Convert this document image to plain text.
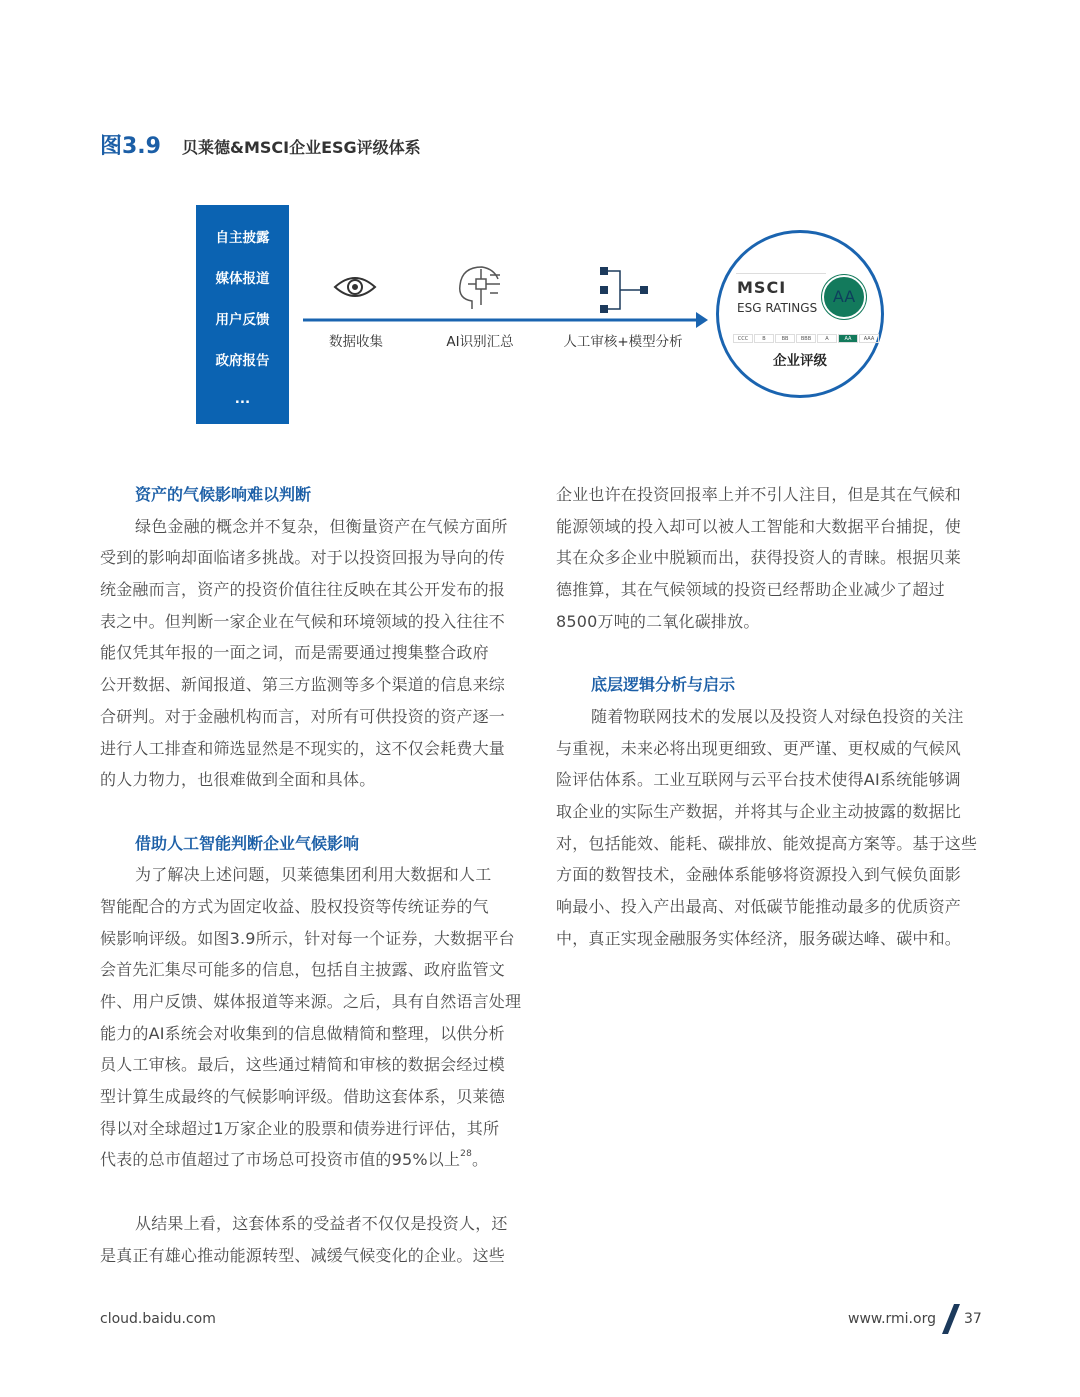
图3.9 贝莱德&MSCI企业ESG评级体系
自主披露
媒体报道
用户反馈
政府报告
...
数据收集	AI识别汇总	人工审核+模型分析
MSCI
ESG RATINGS
AA
CCC	B	BB BBB	A	AA AAA
企业评级
资产的气候影响难以判断
绿色金融的概念并不复杂，但衡量资产在气候方面所
受到的影响却面临诸多挑战。对于以投资回报为导向的传
统金融而言，资产的投资价值往往反映在其公开发布的报
表之中。但判断一家企业在气候和环境领域的投入往往不
能仅凭其年报的一面之词，而是需要通过搜集整合政府
公开数据、新闻报道、第三方监测等多个渠道的信息来综
合研判。对于金融机构而言，对所有可供投资的资产逐一
进行人工排查和筛选显然是不现实的，这不仅会耗费大量
的人力物力，也很难做到全面和具体。
借助人工智能判断企业气候影响
为了解决上述问题，贝莱德集团利用大数据和人工
智能配合的方式为固定收益、股权投资等传统证券的气
候影响评级。如图3.9所示，针对每一个证券，大数据平台
会首先汇集尽可能多的信息，包括自主披露、政府监管文
件、用户反馈、媒体报道等来源。之后，具有自然语言处理
能力的AI系统会对收集到的信息做精简和整理，以供分析
员人工审核。最后，这些通过精简和审核的数据会经过模
型计算生成最终的气候影响评级。借助这套体系，贝莱德
得以对全球超过1万家企业的股票和债券进行评估，其所
代表的总市值超过了市场总可投资市值的95%以上$^{28}$。
从结果上看，这套体系的受益者不仅仅是投资人，还
是真正有雄心推动能源转型、减缓气候变化的企业。这些
企业也许在投资回报率上并不引人注目，但是其在气候和
能源领域的投入却可以被人工智能和大数据平台捕捉，使
其在众多企业中脱颖而出，获得投资人的青睐。根据贝莱
德推算，其在气候领域的投资已经帮助企业减少了超过
8500万吨的二氧化碳排放。
底层逻辑分析与启示
随着物联网技术的发展以及投资人对绿色投资的关注
与重视，未来必将出现更细致、更严谨、更权威的气候风
险评估体系。工业互联网与云平台技术使得AI系统能够调
取企业的实际生产数据，并将其与企业主动披露的数据比
对，包括能效、能耗、碳排放、能效提高方案等。基于这些
方面的数智技术，金融体系能够将资源投入到气候负面影
响最小、投入产出最高、对低碳节能推动最多的优质资产
中，真正实现金融服务实体经济，服务碳达峰、碳中和。
cloud.baidu.com	www.rmi.org 37
